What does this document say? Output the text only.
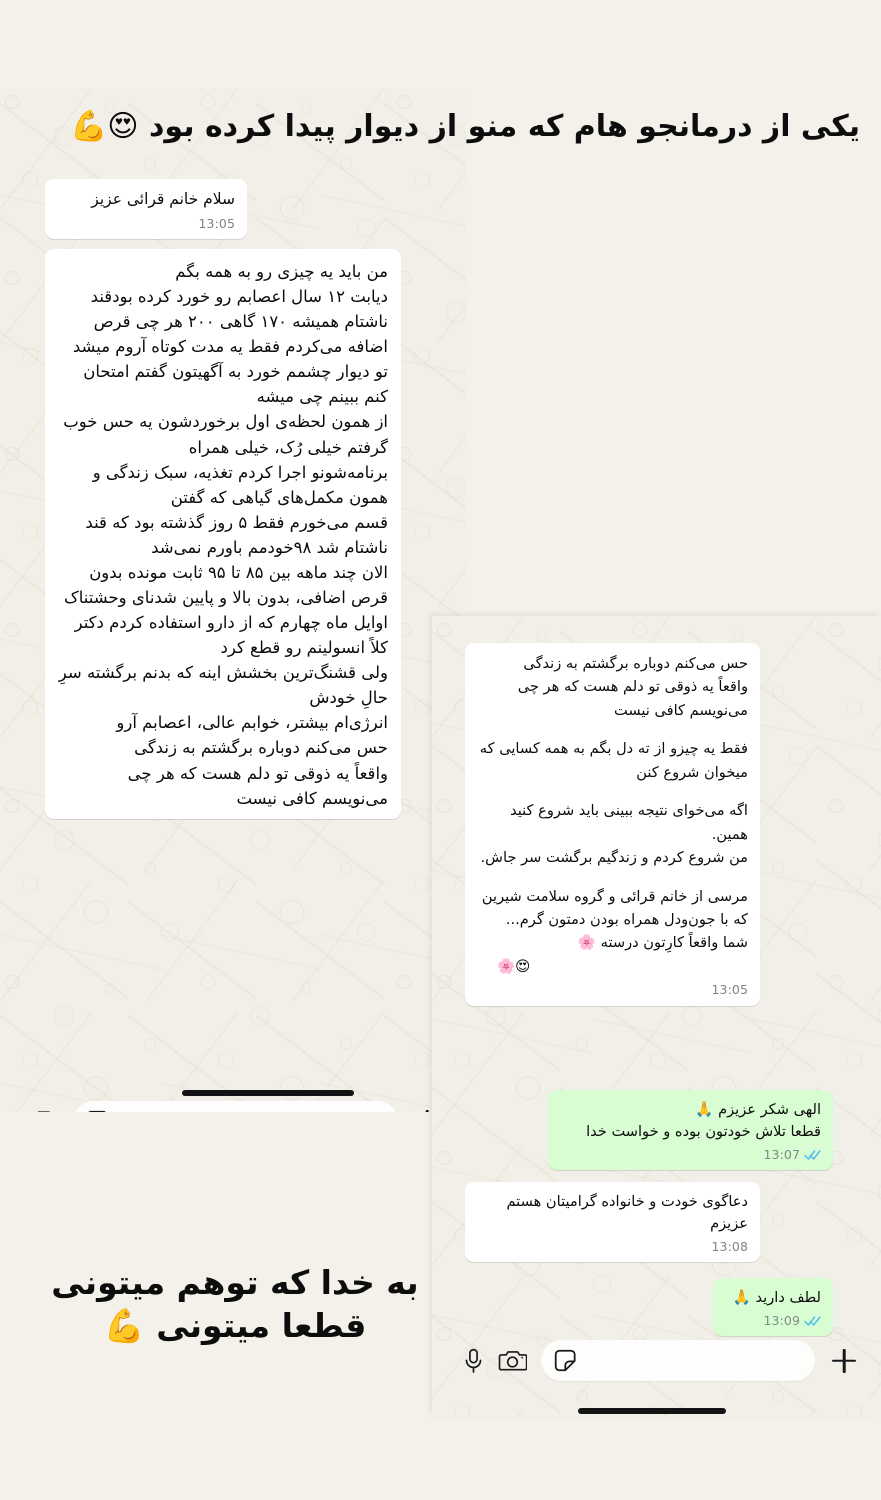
سلام خانم قرائی عزیز

13:05

من باید یه چیزی رو به همه بگم

دیابت ۱۲ سال اعصابم رو خورد کرده بودقند ناشتام همیشه ۱۷۰ گاهی ۲۰۰ هر چی قرص اضافه می‌کردم فقط یه مدت کوتاه آروم میشد

تو دیوار چشمم خورد به آگهیتون گفتم امتحان کنم ببینم چی میشه

از همون لحظه‌ی اول برخوردشون یه حس خوب گرفتم خیلی رُک، خیلی همراه

برنامه‌شونو اجرا کردم تغذیه، سبک زندگی و همون مکمل‌های گیاهی که گفتن

قسم می‌خورم فقط ۵ روز گذشته بود که قند ناشتام شد ۹۸خودمم باورم نمی‌شد

الان چند ماهه بین ۸۵ تا ۹۵ ثابت مونده بدون قرص اضافی، بدون بالا و پایین شدنای وحشتناک

اوایل ماه چهارم که از دارو استفاده کردم دکتر کلاً انسولینم رو قطع کرد

ولی قشنگ‌ترین بخشش اینه که بدنم برگشته سرِ حالِ خودش

انرژی‌ام بیشتر، خوابم عالی، اعصابم آرو

حس می‌کنم دوباره برگشتم به زندگی

واقعاً یه ذوقی تو دلم هست که هر چی می‌نویسم کافی نیست

حس می‌کنم دوباره برگشتم به زندگی

واقعاً یه ذوقی تو دلم هست که هر چی می‌نویسم کافی نیست

فقط یه چیزو از ته دل بگم به همه کسایی که میخوان شروع کنن

اگه می‌خوای نتیجه ببینی باید شروع کنید همین.

من شروع کردم و زندگیم برگشت سر جاش.

مرسی از خانم قرائی و گروه سلامت شیرین که با جون‌ودل همراه بودن دمتون گرم... شما واقعاً کارِتون درسته 🌸

😍🌸

13:05

الهی شکر عزیزم 🙏

قطعا تلاش خودتون بوده و خواست خدا

13:07

دعاگوی خودت و خانواده گرامیتان هستم عزیزم

13:08

لطف دارید 🙏

13:09
یکی از درمانجو هام که منو از دیوار پیدا کرده بود 😍💪
به خدا که توهم میتونی
قطعا میتونی 💪
